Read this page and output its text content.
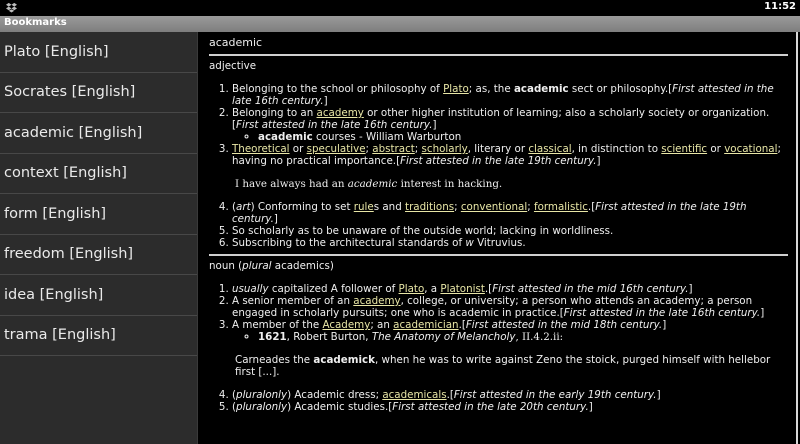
11:52
Bookmarks
Plato [English]
Socrates [English]
academic [English]
context [English]
form [English]
freedom [English]
idea [English]
trama [English]
academic
adjective
1. Belonging to the school or philosophy of Plato; as, the academic sect or philosophy.[First attested in the late 16th century.]
2. Belonging to an academy or other higher institution of learning; also a scholarly society or organization.[First attested in the late 16th century.]
◦ academic courses - William Warburton
3. Theoretical or speculative; abstract; scholarly, literary or classical, in distinction to scientific or vocational; having no practical importance.[First attested in the late 19th century.]
I have always had an academic interest in hacking.
4. (art) Conforming to set rules and traditions; conventional; formalistic.[First attested in the late 19th century.]
5. So scholarly as to be unaware of the outside world; lacking in worldliness.
6. Subscribing to the architectural standards of w Vitruvius.
noun (plural academics)
1. usually capitalized A follower of Plato, a Platonist.[First attested in the mid 16th century.]
2. A senior member of an academy, college, or university; a person who attends an academy; a person engaged in scholarly pursuits; one who is academic in practice.[First attested in the late 16th century.]
3. A member of the Academy; an academician.[First attested in the mid 18th century.]
◦ 1621, Robert Burton, The Anatomy of Melancholy, II.4.2.ii:
Carneades the academick, when he was to write against Zeno the stoick, purged himself with hellebor first [...].
4. (pluralonly) Academic dress; academicals.[First attested in the early 19th century.]
5. (pluralonly) Academic studies.[First attested in the late 20th century.]
